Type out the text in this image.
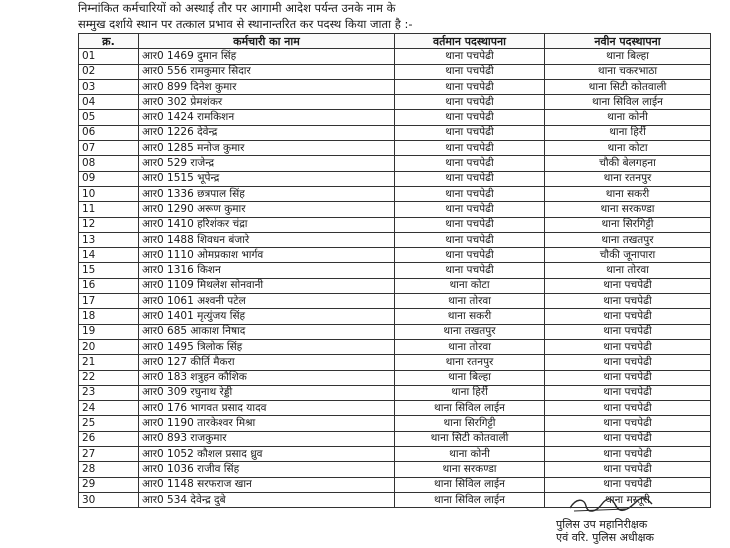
निम्नांकित कर्मचारियों को अस्थाई तौर पर आगामी आदेश पर्यन्त उनके नाम के
सम्मुख दर्शाये स्थान पर तत्काल प्रभाव से स्थानान्तरित कर पदस्थ किया जाता है :-
क्र.	कर्मचारी का नाम	वर्तमान पदस्थापना	नवीन पदस्थापना
01	आर0 1469 दुमान सिंह	थाना पचपेढी	थाना बिल्हा
02	आर0 556 रामकुमार सिदार	थाना पचपेढी	थाना चकरभाठा
03	आर0 899 दिनेश कुमार	थाना पचपेढी	थाना सिटी कोतवाली
04	आर0 302 प्रेमशंकर	थाना पचपेढी	थाना सिविल लाईन
05	आर0 1424 रामकिशन	थाना पचपेढी	थाना कोनी
06	आर0 1226 देवेन्द्र	थाना पचपेढी	थाना हिर्री
07	आर0 1285 मनोज कुमार	थाना पचपेढी	थाना कोटा
08	आर0 529 राजेन्द्र	थाना पचपेढी	चौकी बेलगहना
09	आर0 1515 भूपेन्द्र	थाना पचपेढी	थाना रतनपुर
10	आर0 1336 छत्रपाल सिंह	थाना पचपेढी	थाना सकरी
11	आर0 1290 अरूण कुमार	थाना पचपेढी	थाना सरकण्डा
12	आर0 1410 हरिशंकर चंद्रा	थाना पचपेढी	थाना सिरगिट्टी
13	आर0 1488 शिवधन बंजारे	थाना पचपेढी	थाना तखतपुर
14	आर0 1110 ओमप्रकाश भार्गव	थाना पचपेढी	चौकी जूनापारा
15	आर0 1316 किशन	थाना पचपेढी	थाना तोरवा
16	आर0 1109 मिथलेश सोनवानी	थाना कोटा	थाना पचपेढी
17	आर0 1061 अश्वनी पटेल	थाना तोरवा	थाना पचपेढी
18	आर0 1401 मृत्युंजय सिंह	थाना सकरी	थाना पचपेढी
19	आर0 685 आकाश निषाद	थाना तखतपुर	थाना पचपेढी
20	आर0 1495 त्रिलोक सिंह	थाना तोरवा	थाना पचपेढी
21	आर0 127 कीर्ति मैकरा	थाना रतनपुर	थाना पचपेढी
22	आर0 183 शत्रुहन कौशिक	थाना बिल्हा	थाना पचपेढी
23	आर0 309 रघुनाथ रेड्डी	थाना हिर्री	थाना पचपेढी
24	आर0 176 भागवत प्रसाद यादव	थाना सिविल लाईन	थाना पचपेढी
25	आर0 1190 तारकेश्वर मिश्रा	थाना सिरगिट्टी	थाना पचपेढी
26	आर0 893 राजकुमार	थाना सिटी कोतवाली	थाना पचपेढी
27	आर0 1052 कौशल प्रसाद ध्रुव	थाना कोनी	थाना पचपेढी
28	आर0 1036 राजीव सिंह	थाना सरकण्डा	थाना पचपेढी
29	आर0 1148 सरफराज खान	थाना सिविल लाईन	थाना पचपेढी
30	आर0 534 देवेन्द्र दुबे	थाना सिविल लाईन	थाना मस्तूरी
पुलिस उप महानिरीक्षक
एवं वरि. पुलिस अधीक्षक
